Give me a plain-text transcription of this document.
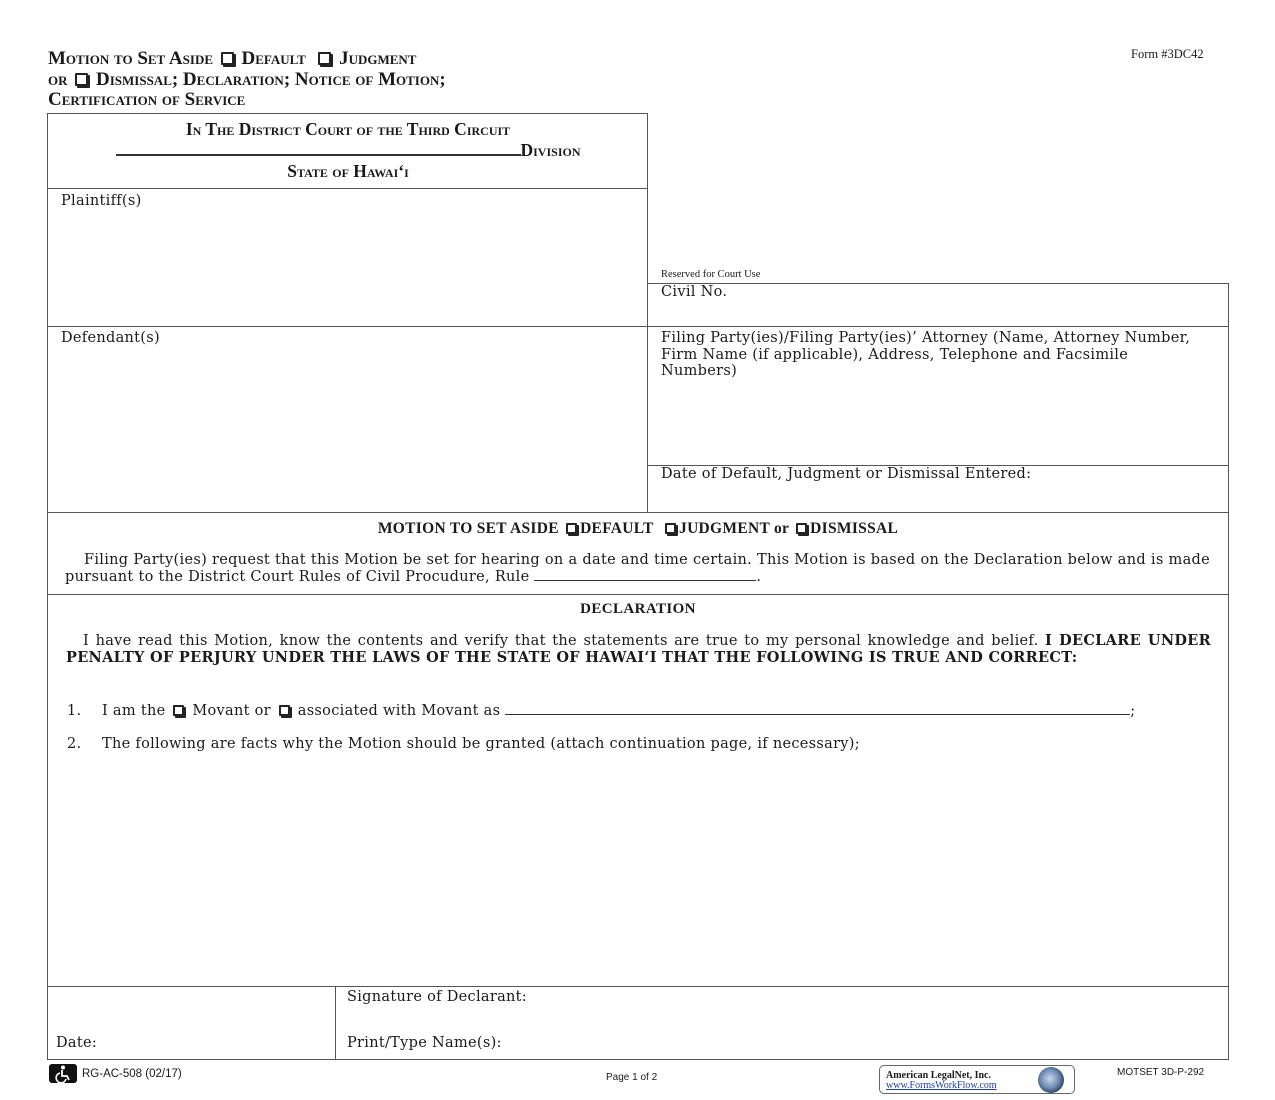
Motion to Set Aside Default Judgment
or Dismissal; Declaration; Notice of Motion;
Certification of Service
Form #3DC42
In The District Court of the Third Circuit
Division
State of Hawai‘i
Plaintiff(s)
Defendant(s)
Reserved for Court Use
Civil No.
Filing Party(ies)/Filing Party(ies)’ Attorney (Name, Attorney Number, Firm Name (if applicable), Address, Telephone and Facsimile Numbers)
Date of Default, Judgment or Dismissal Entered:
MOTION TO SET ASIDE DEFAULT JUDGMENT or DISMISSAL
Filing Party(ies) request that this Motion be set for hearing on a date and time certain. This Motion is based on the Declaration below and is made pursuant to the District Court Rules of Civil Procudure, Rule	.
DECLARATION
I have read this Motion, know the contents and verify that the statements are true to my personal knowledge and belief. I DECLARE UNDER PENALTY OF PERJURY UNDER THE LAWS OF THE STATE OF HAWAI‘I THAT THE FOLLOWING IS TRUE AND CORRECT:
1. I am the Movant or associated with Movant as	;
2. The following are facts why the Motion should be granted (attach continuation page, if necessary);
Date:
Signature of Declarant:
Print/Type Name(s):
RG-AC-508 (02/17)	Page 1 of 2	American LegalNet, Inc.
www.FormsWorkFlow.com
MOTSET 3D-P-292
